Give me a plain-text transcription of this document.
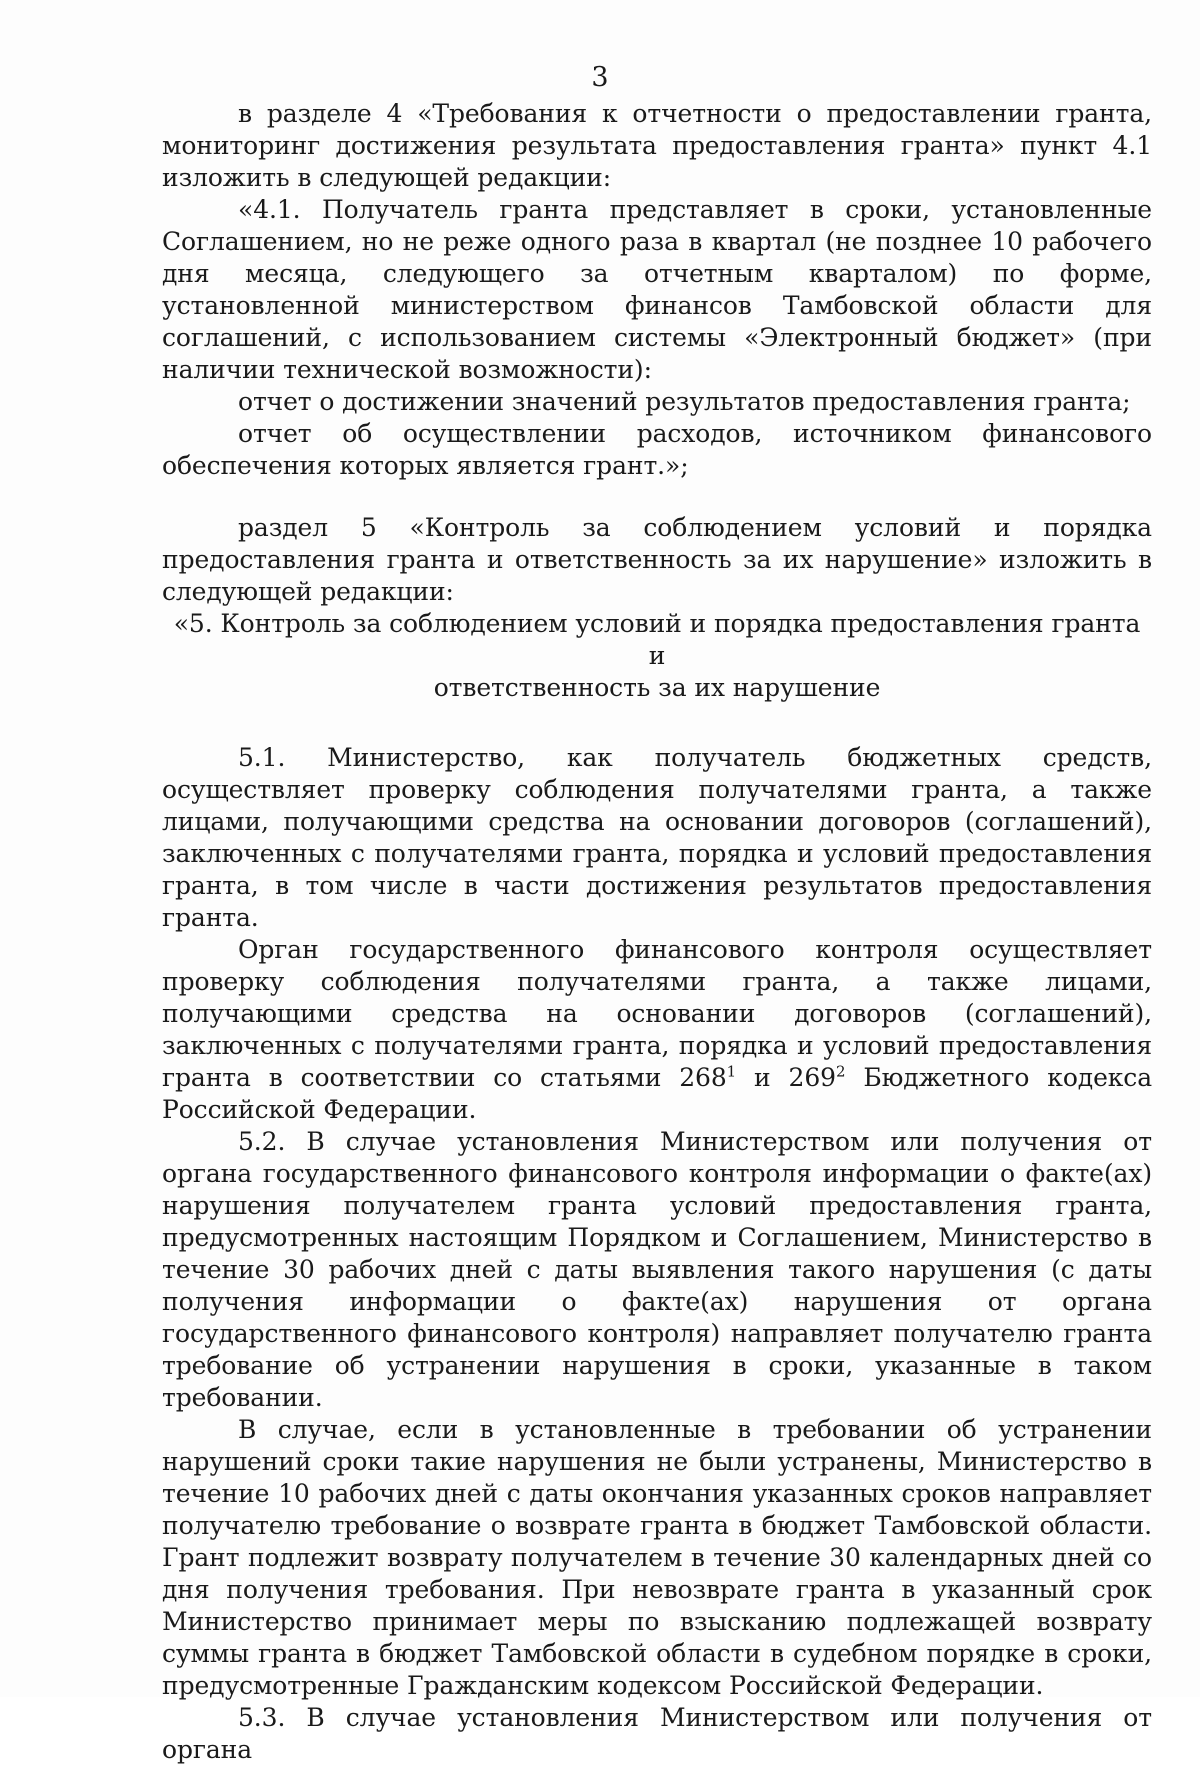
3

в разделе 4 «Требования к отчетности о предоставлении гранта, мониторинг достижения результата предоставления гранта» пункт 4.1 изложить в следующей редакции:

«4.1. Получатель гранта представляет в сроки, установленные Соглашением, но не реже одного раза в квартал (не позднее 10 рабочего дня месяца, следующего за отчетным кварталом) по форме, установленной министерством финансов Тамбовской области для соглашений, с использованием системы «Электронный бюджет» (при наличии технической возможности):

отчет о достижении значений результатов предоставления гранта;

отчет об осуществлении расходов, источником финансового обеспечения которых является грант.»;

раздел 5 «Контроль за соблюдением условий и порядка предоставления гранта и ответственность за их нарушение» изложить в следующей редакции:

«5. Контроль за соблюдением условий и порядка предоставления гранта и
ответственность за их нарушение

5.1. Министерство, как получатель бюджетных средств, осуществляет проверку соблюдения получателями гранта, а также лицами, получающими средства на основании договоров (соглашений), заключенных с получателями гранта, порядка и условий предоставления гранта, в том числе в части достижения результатов предоставления гранта.

Орган государственного финансового контроля осуществляет проверку соблюдения получателями гранта, а также лицами, получающими средства на основании договоров (соглашений), заключенных с получателями гранта, порядка и условий предоставления гранта в соответствии со статьями $268^1$ и $269^2$ Бюджетного кодекса Российской Федерации.

5.2. В случае установления Министерством или получения от органа государственного финансового контроля информации о факте(ах) нарушения получателем гранта условий предоставления гранта, предусмотренных настоящим Порядком и Соглашением, Министерство в течение 30 рабочих дней с даты выявления такого нарушения (с даты получения информации о факте(ах) нарушения от органа государственного финансового контроля) направляет получателю гранта требование об устранении нарушения в сроки, указанные в таком требовании.

В случае, если в установленные в требовании об устранении нарушений сроки такие нарушения не были устранены, Министерство в течение 10 рабочих дней с даты окончания указанных сроков направляет получателю требование о возврате гранта в бюджет Тамбовской области. Грант подлежит возврату получателем в течение 30 календарных дней со дня получения требования. При невозврате гранта в указанный срок Министерство принимает меры по взысканию подлежащей возврату суммы гранта в бюджет Тамбовской области в судебном порядке в сроки, предусмотренные Гражданским кодексом Российской Федерации.

5.3. В случае установления Министерством или получения от органа
